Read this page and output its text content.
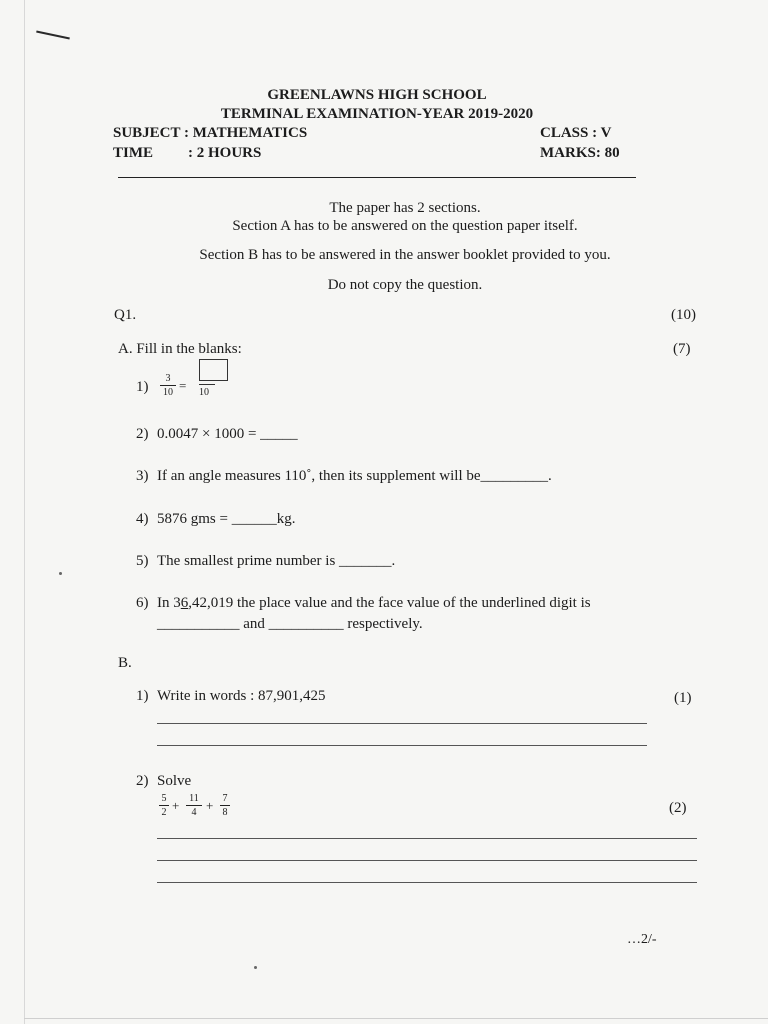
GREENLAWNS HIGH SCHOOL
TERMINAL EXAMINATION-YEAR 2019-2020
SUBJECT : MATHEMATICS	CLASS : V
TIME : 2 HOURS	MARKS: 80
The paper has 2 sections.
Section A has to be answered on the question paper itself.
Section B has to be answered in the answer booklet provided to you.
Do not copy the question.
Q1.	(10)
A. Fill in the blanks:	(7)
1)
3
10 = 10
2) 0.0047 × 1000 = _____
3) If an angle measures 110˚, then its supplement will be_________.
4) 5876 gms = ______kg.
5) The smallest prime number is _______.
6) In 36,42,019 the place value and the face value of the underlined digit is
___________ and __________ respectively.
B.
1) Write in words : 87,901,425	(1)
2) Solve
5
2 + 11
4 + 7
8	(2)
…2/-
